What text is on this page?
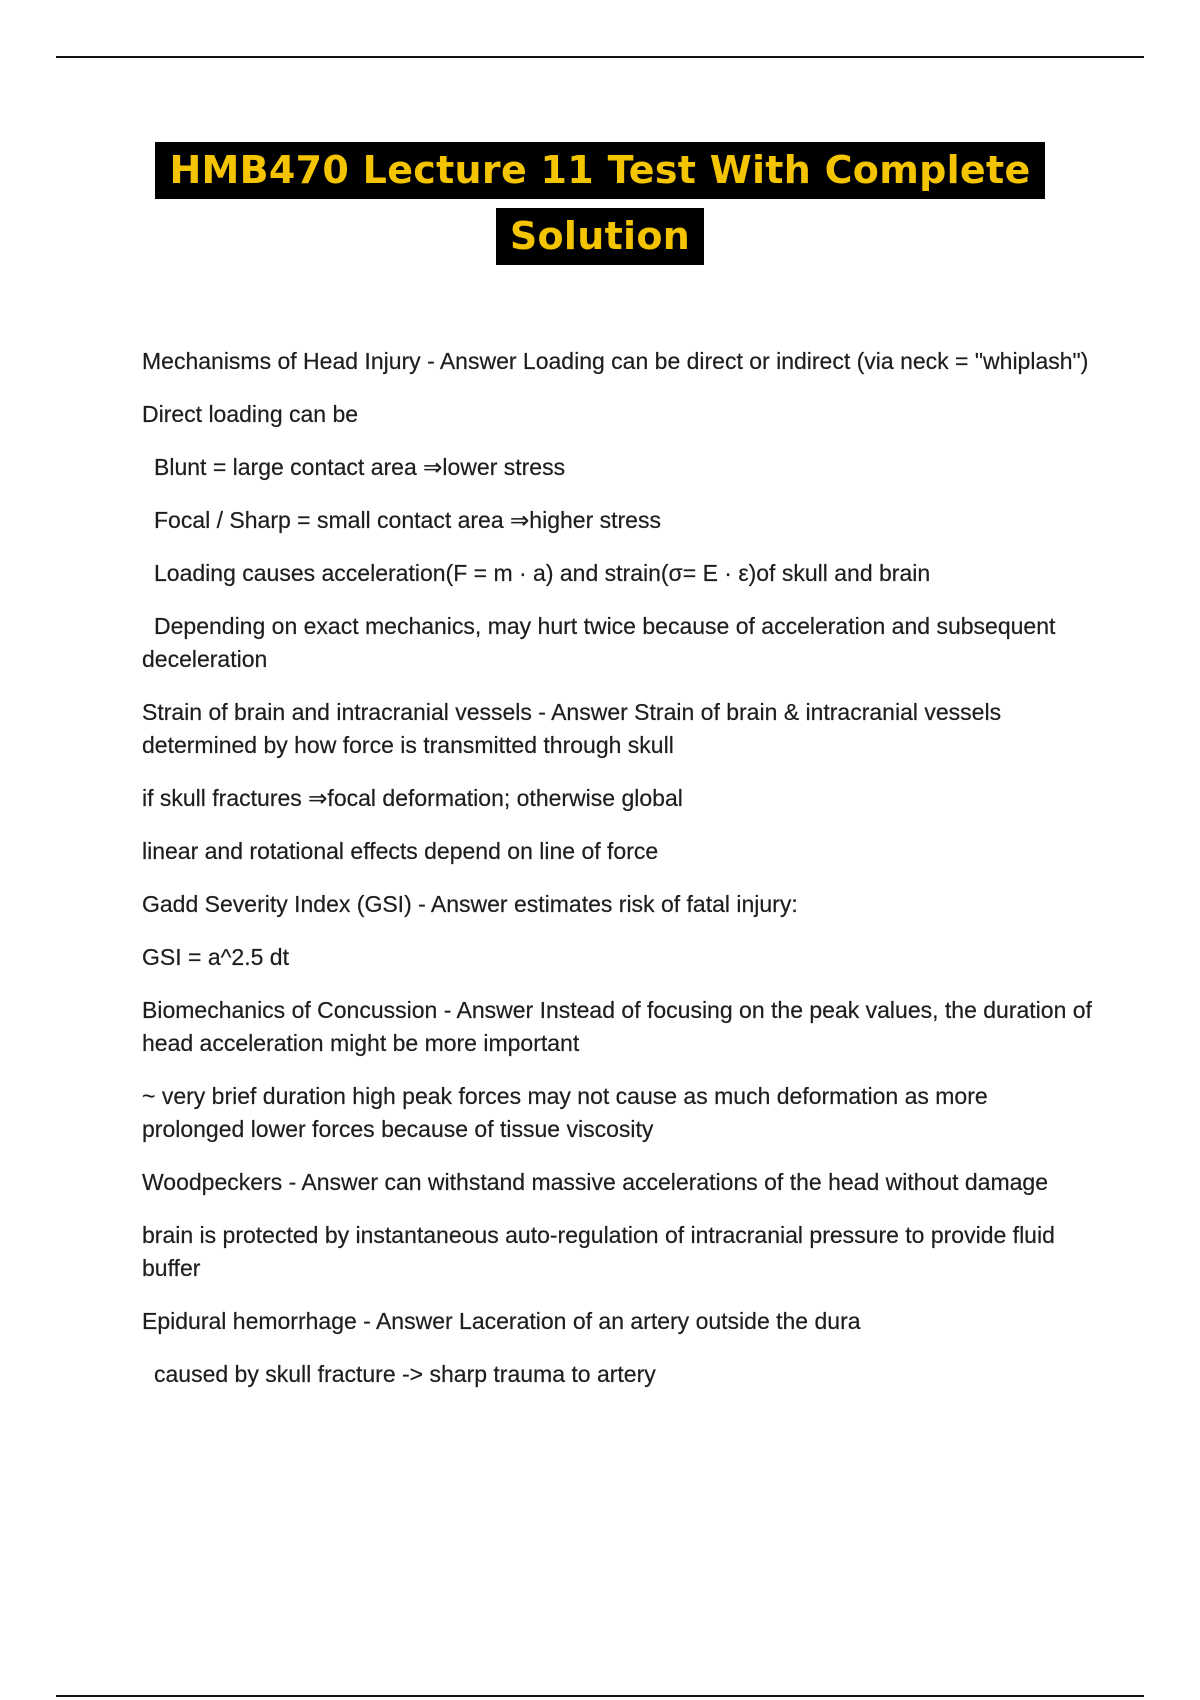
HMB470 Lecture 11 Test With Complete
Solution

Mechanisms of Head Injury - Answer Loading can be direct or indirect (via neck = "whiplash")

Direct loading can be

Blunt = large contact area ⇒lower stress

Focal / Sharp = small contact area ⇒higher stress

Loading causes acceleration(F = m · a) and strain(σ= E · ε)of skull and brain

Depending on exact mechanics, may hurt twice because of acceleration and subsequent deceleration

Strain of brain and intracranial vessels - Answer Strain of brain & intracranial vessels determined by how force is transmitted through skull

if skull fractures ⇒focal deformation; otherwise global

linear and rotational effects depend on line of force

Gadd Severity Index (GSI) - Answer estimates risk of fatal injury:

GSI = a^2.5 dt

Biomechanics of Concussion - Answer Instead of focusing on the peak values, the duration of head acceleration might be more important

~ very brief duration high peak forces may not cause as much deformation as more prolonged lower forces because of tissue viscosity

Woodpeckers - Answer can withstand massive accelerations of the head without damage

brain is protected by instantaneous auto-regulation of intracranial pressure to provide fluid buffer

Epidural hemorrhage - Answer Laceration of an artery outside the dura

caused by skull fracture -> sharp trauma to artery
